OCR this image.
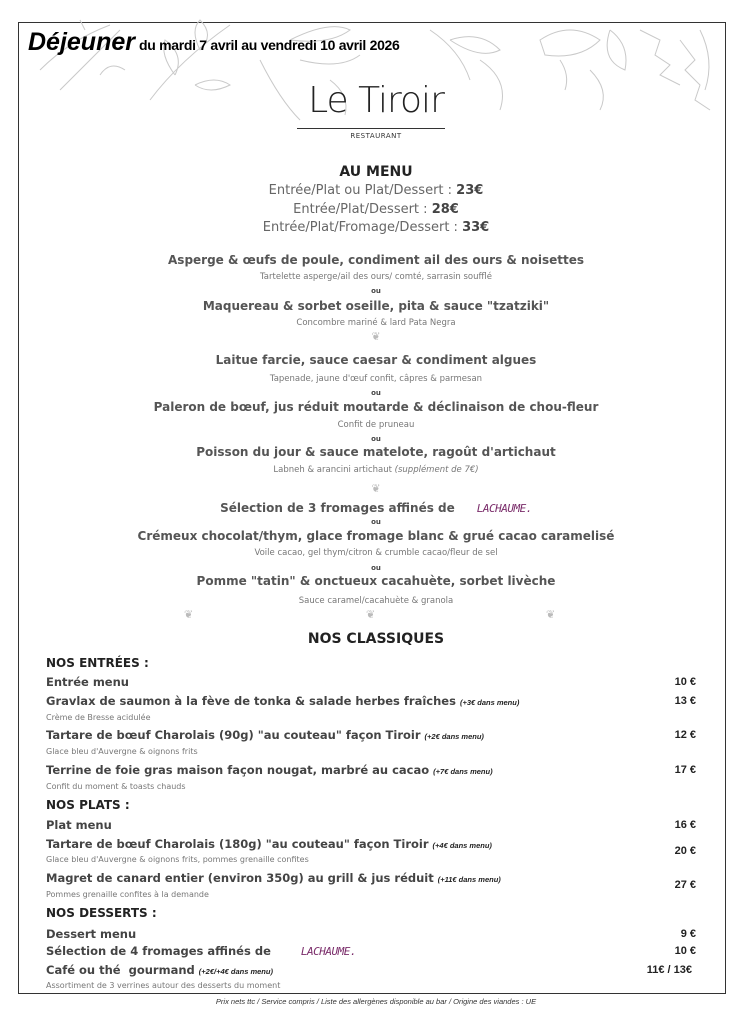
Déjeuner du mardi 7 avril au vendredi 10 avril 2026
Le Tiroir
RESTAURANT
AU MENU
Entrée/Plat ou Plat/Dessert : 23€
Entrée/Plat/Dessert : 28€
Entrée/Plat/Fromage/Dessert : 33€
Asperge & œufs de poule, condiment ail des ours & noisettes
Tartelette asperge/ail des ours/ comté, sarrasin soufflé
ou
Maquereau & sorbet oseille, pita & sauce "tzatziki"
Concombre mariné & lard Pata Negra
❦
Laitue farcie, sauce caesar & condiment algues
Tapenade, jaune d'œuf confit, câpres & parmesan
ou
Paleron de bœuf, jus réduit moutarde & déclinaison de chou-fleur
Confit de pruneau
ou
Poisson du jour & sauce matelote, ragoût d'artichaut
Labneh & arancini artichaut (supplément de 7€)
❦
Sélection de 3 fromages affinés de LACHAUME.
ou
Crémeux chocolat/thym, glace fromage blanc & grué cacao caramelisé
Voile cacao, gel thym/citron & crumble cacao/fleur de sel
ou
Pomme "tatin" & onctueux cacahuète, sorbet livèche
Sauce caramel/cacahuète & granola
❦	❦	❦
NOS CLASSIQUES
NOS ENTRÉES :
Entrée menu	10 €
Gravlax de saumon à la fève de tonka & salade herbes fraîches (+3€ dans menu)	13 €
Crème de Bresse acidulée
Tartare de bœuf Charolais (90g) "au couteau" façon Tiroir (+2€ dans menu)	12 €
Glace bleu d'Auvergne & oignons frits
Terrine de foie gras maison façon nougat, marbré au cacao (+7€ dans menu)	17 €
Confit du moment & toasts chauds
NOS PLATS :
Plat menu	16 €
Tartare de bœuf Charolais (180g) "au couteau" façon Tiroir (+4€ dans menu)	20 €
Glace bleu d'Auvergne & oignons frits, pommes grenaille confites
Magret de canard entier (environ 350g) au grill & jus réduit (+11€ dans menu)	27 €
Pommes grenaille confites à la demande
NOS DESSERTS :
Dessert menu	9 €
Sélection de 4 fromages affinés de	LACHAUME.	10 €
Café ou thé  gourmand (+2€/+4€ dans menu)	11€ / 13€
Assortiment de 3 verrines autour des desserts du moment
Prix nets ttc / Service compris / Liste des allergènes disponible au bar / Origine des viandes : UE
